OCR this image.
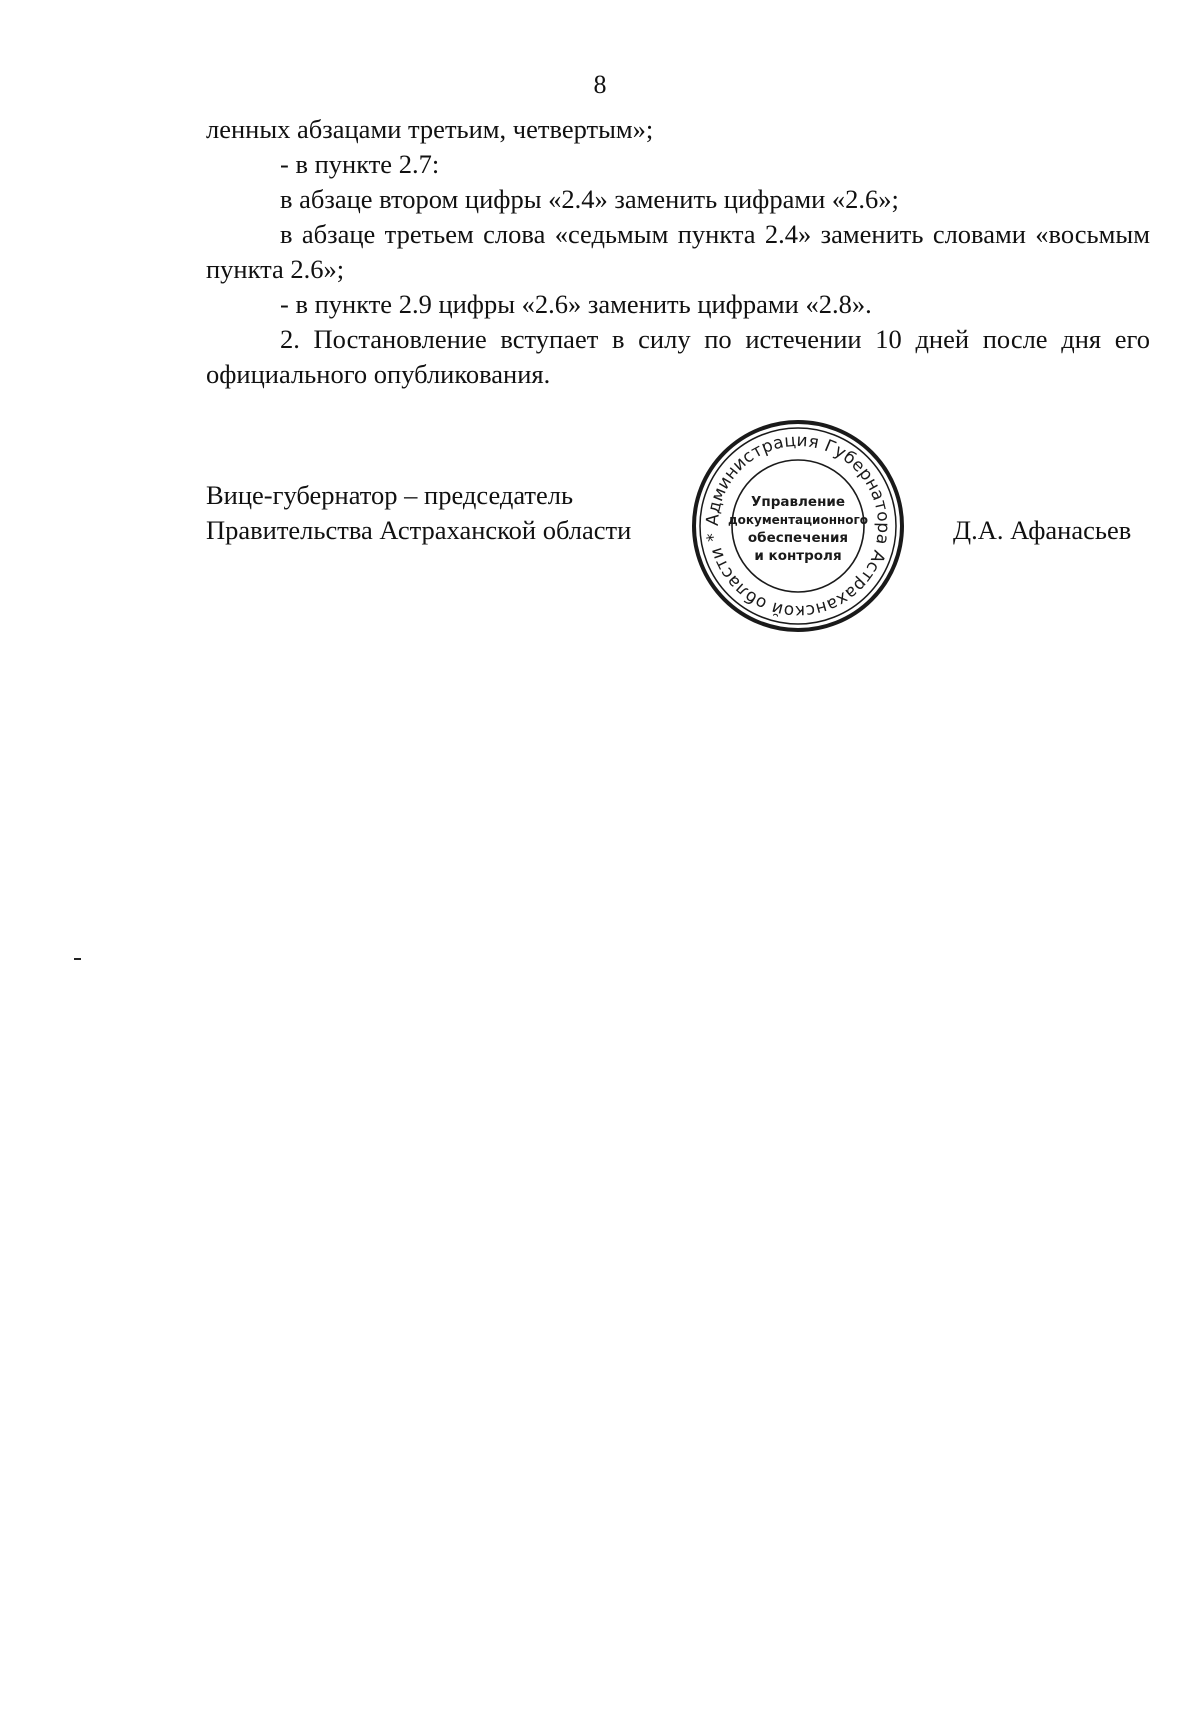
8

ленных абзацами третьим, четвертым»;

- в пункте 2.7:

в абзаце втором цифры «2.4» заменить цифрами «2.6»;

в абзаце третьем слова «седьмым пункта 2.4» заменить словами «восьмым пункта 2.6»;

- в пункте 2.9 цифры «2.6» заменить цифрами «2.8».

2. Постановление вступает в силу по истечении 10 дней после дня его официального опубликования.

Вице-губернатор – председатель
Правительства Астраханской области	Д.А. Афанасьев
Администрация Губернатора Астраханской области *
Управление
документационного
обеспечения
и контроля
